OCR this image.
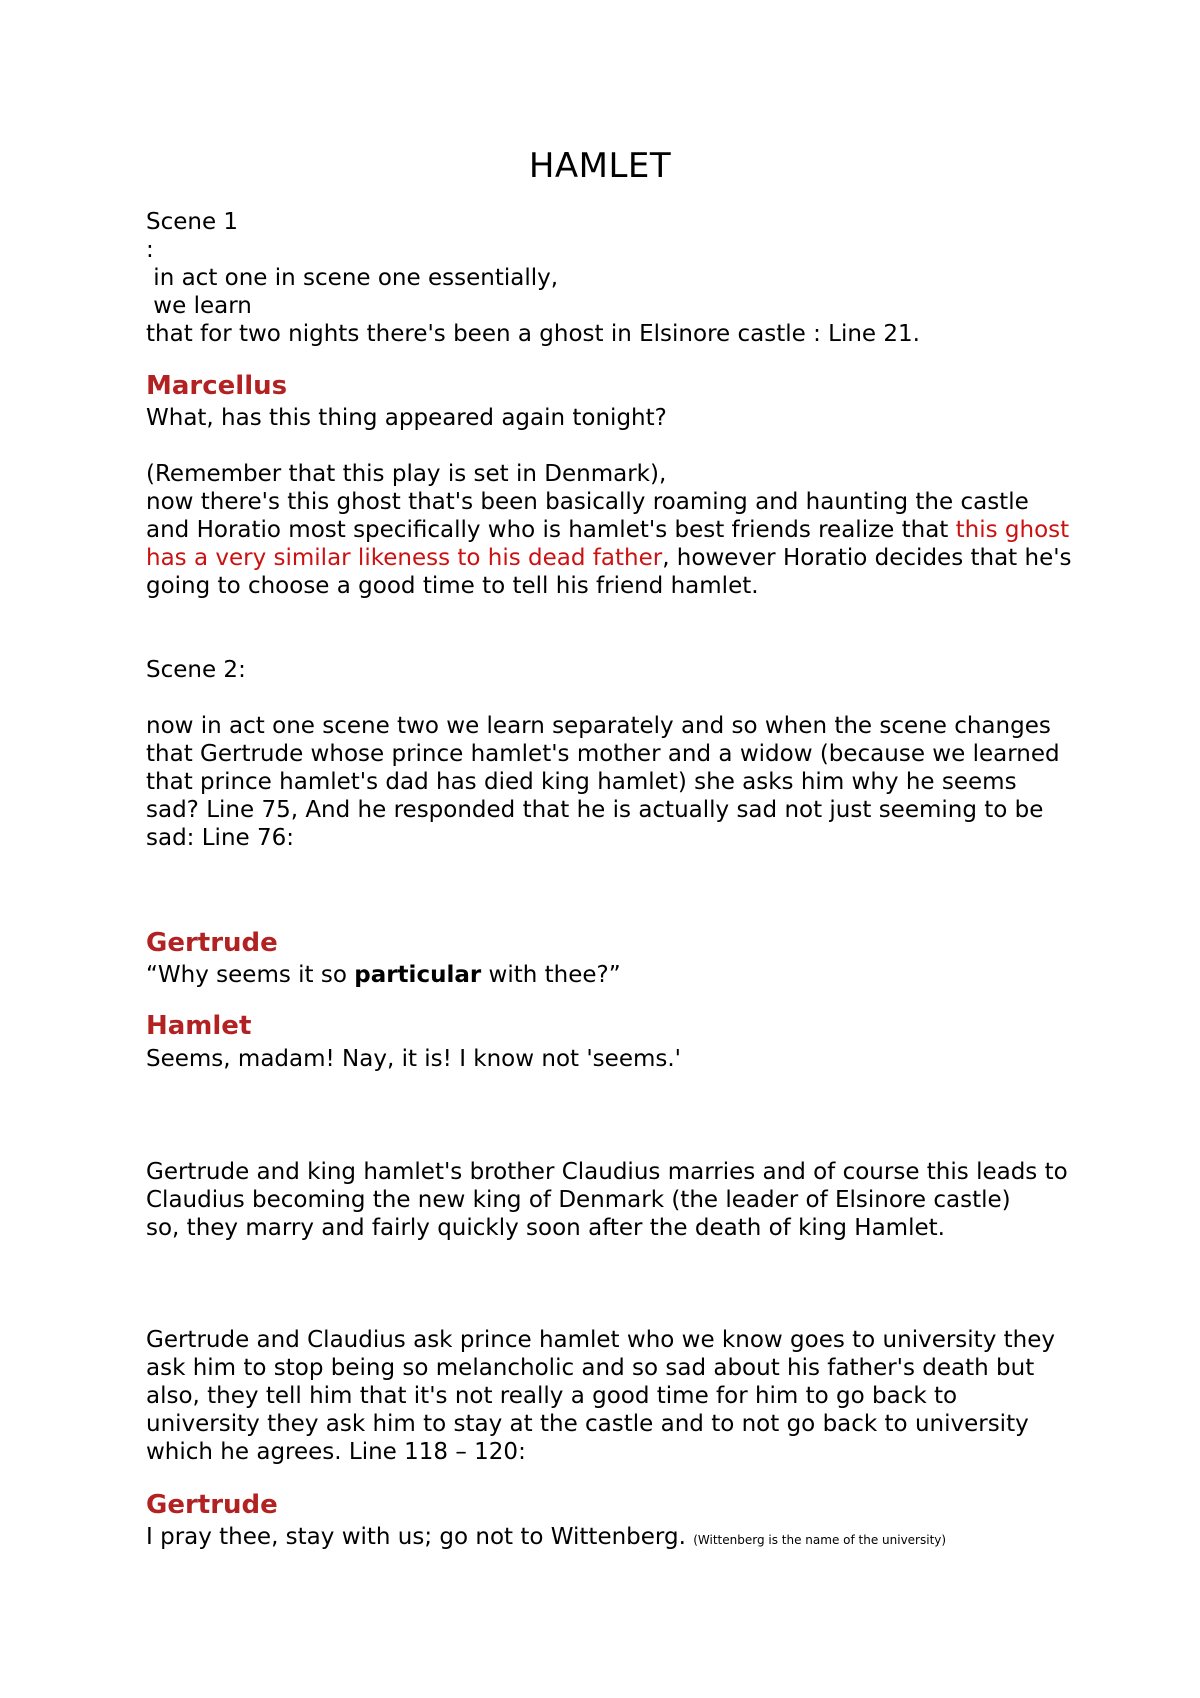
HAMLET

Scene 1

:

in act one in scene one essentially,

we learn

that for two nights there's been a ghost in Elsinore castle : Line 21.

Marcellus

What, has this thing appeared again tonight?

(Remember that this play is set in Denmark),

now there's this ghost that's been basically roaming and haunting the castle

and Horatio most specifically who is hamlet's best friends realize that this ghost has a very similar likeness to his dead father, however Horatio decides that he's going to choose a good time to tell his friend hamlet.

Scene 2:

now in act one scene two we learn separately and so when the scene changes that Gertrude whose prince hamlet's mother and a widow (because we learned that prince hamlet's dad has died king hamlet) she asks him why he seems sad? Line 75, And he responded that he is actually sad not just seeming to be sad: Line 76:

Gertrude

“Why seems it so particular with thee?”

Hamlet

Seems, madam! Nay, it is! I know not 'seems.'

Gertrude and king hamlet's brother Claudius marries and of course this leads to Claudius becoming the new king of Denmark (the leader of Elsinore castle)

so, they marry and fairly quickly soon after the death of king Hamlet.

Gertrude and Claudius ask prince hamlet who we know goes to university they ask him to stop being so melancholic and so sad about his father's death but also, they tell him that it's not really a good time for him to go back to university they ask him to stay at the castle and to not go back to university which he agrees. Line 118 – 120:

Gertrude

I pray thee, stay with us; go not to Wittenberg. (Wittenberg is the name of the university)
